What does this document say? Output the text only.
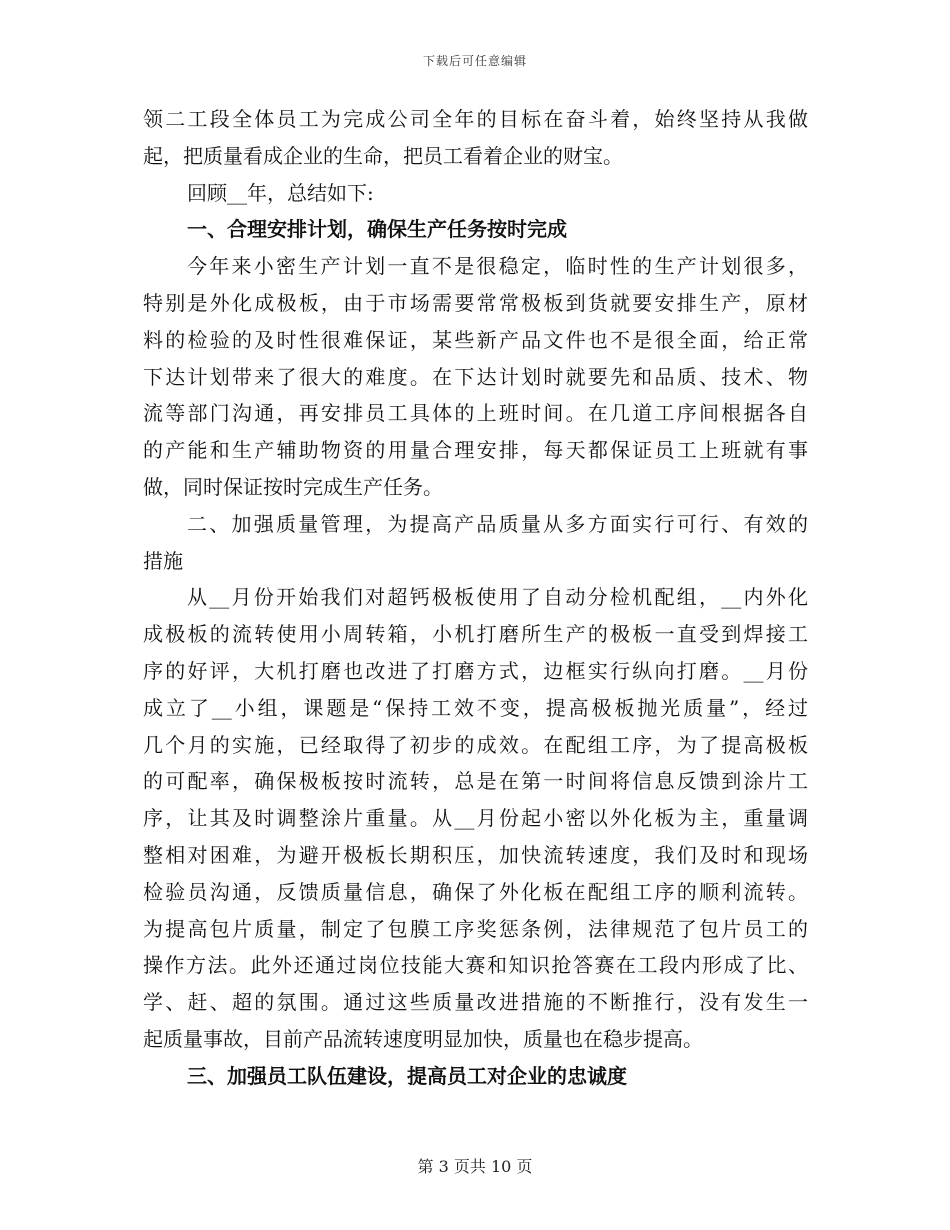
下载后可任意编辑
领二工段全体员工为完成公司全年的目标在奋斗着，始终坚持从我做
起，把质量看成企业的生命，把员工看着企业的财宝。
回顾__年，总结如下:
一、合理安排计划，确保生产任务按时完成
今年来小密生产计划一直不是很稳定，临时性的生产计划很多，
特别是外化成极板，由于市场需要常常极板到货就要安排生产，原材
料的检验的及时性很难保证，某些新产品文件也不是很全面，给正常
下达计划带来了很大的难度。在下达计划时就要先和品质、技术、物
流等部门沟通，再安排员工具体的上班时间。在几道工序间根据各自
的产能和生产辅助物资的用量合理安排，每天都保证员工上班就有事
做，同时保证按时完成生产任务。
二、加强质量管理，为提高产品质量从多方面实行可行、有效的
措施
从__月份开始我们对超钙极板使用了自动分检机配组，__内外化
成极板的流转使用小周转箱，小机打磨所生产的极板一直受到焊接工
序的好评，大机打磨也改进了打磨方式，边框实行纵向打磨。__月份
成立了__小组，课题是“保持工效不变，提高极板抛光质量”，经过
几个月的实施，已经取得了初步的成效。在配组工序，为了提高极板
的可配率，确保极板按时流转，总是在第一时间将信息反馈到涂片工
序，让其及时调整涂片重量。从__月份起小密以外化板为主，重量调
整相对困难，为避开极板长期积压，加快流转速度，我们及时和现场
检验员沟通，反馈质量信息，确保了外化板在配组工序的顺利流转。
为提高包片质量，制定了包膜工序奖惩条例，法律规范了包片员工的
操作方法。此外还通过岗位技能大赛和知识抢答赛在工段内形成了比、
学、赶、超的氛围。通过这些质量改进措施的不断推行，没有发生一
起质量事故，目前产品流转速度明显加快，质量也在稳步提高。
三、加强员工队伍建设，提高员工对企业的忠诚度
第 3 页共 10 页
